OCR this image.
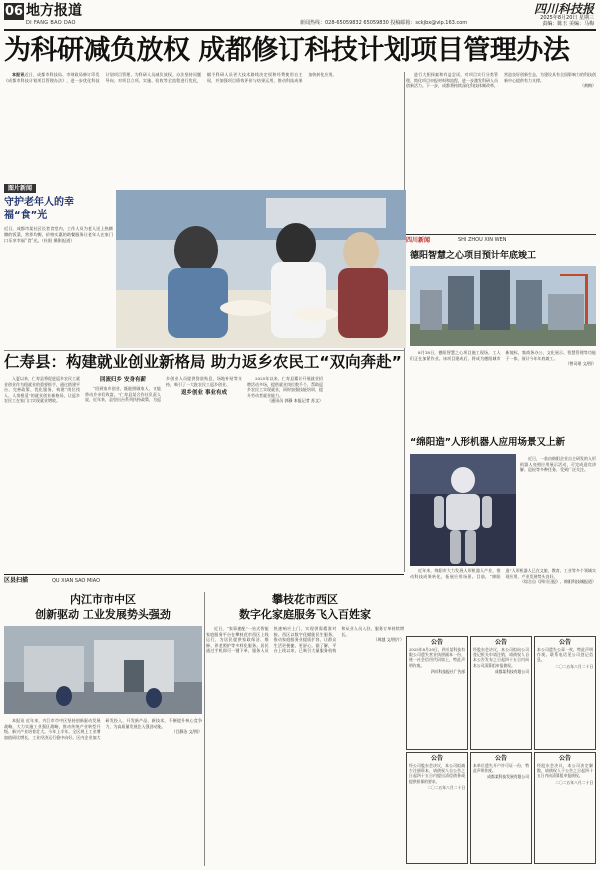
06 地方报道
DI FANG BAO DAO	新闻热线：028-65059832 65059830 投稿邮箱：sckjbx@vip.163.com
四川科技报
2025年8月20日 星期三
责编：陈玉 美编：马梅
为科研减负放权 成都修订科技计划项目管理办法

本报讯近日，成都市科技局、市财政局修订印发《成都市科技计划项目管理办法》，进一步优化科技计划项目管理，为科研人员减负放权。办法坚持问题导向，对项目立项、实施、验收等全流程进行优化，赋予科研人员更大技术路线决定权和经费使用自主权，并加强项目绩效评价与结果运用，推动科技成果加快转化应用。	进行大胆探索和有益尝试，对项目实行分类管理，简化项目申报材料和流程，进一步激发科研人员创新活力。下一步，成都将持续深化科技体制改革，营造良好创新生态，为建设具有全国影响力的科技创新中心提供有力支撑。

（黄梅）

图片新闻
守护老年人的幸福“食”光
近日，成都市某社区长者食堂内，工作人员为老人送上热腾腾的饭菜，营养均衡、价格实惠的助餐服务让老年人在家门口乐享幸福“食”光。（杜阳 摄影报道）
仁寿县：构建就业创业新格局 助力返乡农民工“双向奔赴”

入夏以来，仁寿县将促进返乡农民工就业创业作为稳就业的重要抓手，通过搭建平台、完善政策、优化服务，构建“岗位找人、人岗相适”的就业创业新格局，让返乡农民工在家门口实现就业增收。

回流归乡 安身有薪

“回到家乡创业，既能照顾家人，又能带动乡亲们致富。”仁寿县某合作社负责人说，近年来，县里出台系列扶持政策，为返乡创业人员提供贷款贴息、场地补贴等支持，吸引了一大批农民工返乡创业。

返乡创业 事业有成

2025年以来，仁寿县累计开展就业招聘活动多场，提供就业岗位数千个，帮助返乡农民工实现就业，同时加强技能培训，提升劳动者就业能力。

（通讯员 郭静 本报记者 苏文）

四川新闻	SHI ZHOU XIN WEN
德阳智慧之心项目预计年底竣工

8月18日，德阳智慧之心项目施工现场，工人们正在加紧作业。该项目建成后，将成为德阳城市新地标，集商务办公、文化展示、智慧管理等功能于一体，预计今年年底竣工。

（曾司瑶 文/图）

“绵阳造”人形机器人应用场景又上新

近日，一款由绵阳企业自主研发的人形机器人亮相应用展示活动，可完成迎宾讲解、巡检等多种任务，受到广泛关注。

近年来，绵阳市大力发展人形机器人产业，推动科技成果转化，拓展应用场景。目前，“绵阳造”人形机器人已在文旅、教育、工业等多个领域实现应用，产业发展势头良好。

（综合自《四川日报》、绵阳科技城报道）

区县扫描	QU XIAN SAO MIAO
内江市市中区
创新驱动 工业发展势头强劲

本报讯 近年来，内江市市中区坚持创新驱动发展战略，大力实施工业强区战略，推动传统产业转型升级、新兴产业培育壮大。今年上半年，全区规上工业增加值同比增长，工业经济运行稳中向好。区内企业加大研发投入，开发新产品、新技术，不断提升核心竞争力，为高质量发展注入强劲动能。

（吕静洁 文/图）

攀枝花市西区
数字化家庭服务飞入百姓家

近日，“家事速配”一站式智能家庭服务平台在攀枝花市西区上线运行，为居民提供家政保洁、维修、养老照护等多样化服务。居民通过手机即可一键下单，服务人员快速响应上门，实现供需精准对接。西区以数字化赋能民生服务，推动家庭服务业提质扩容，让群众生活更便捷、更舒心。据了解，平台上线以来，已吸引大量服务机构和从业人员入驻，服务订单持续增长。

（周越 文/图片）	公告
2025年8月20日，四川某科技有限公司遗失营业执照副本一份，统一社会信用代码如上，特此声明作废。
四川科技报社广告部
公告
经股东会决议，本公司拟向公司登记机关申请注销，请债权人自本公告发布之日起四十五日内向本公司清算组申报债权。
成都某科技有限公司
公告
本公司遗失公章一枚，特此声明作废。联系电话见公司登记信息。
二〇二五年八月二十日
公告
经公司股东会决议，本公司拟减少注册资本，请债权人自公告之日起四十五日内提出清偿债务或提供担保的要求。
二〇二五年八月二十日
公告
本单位遗失开户许可证一份，特此声明作废。
成都某科技发展有限公司
公告
经股东会决议，本公司决定解散，请债权人于公告之日起四十五日内向清算组申报债权。
二〇二五年八月二十日
